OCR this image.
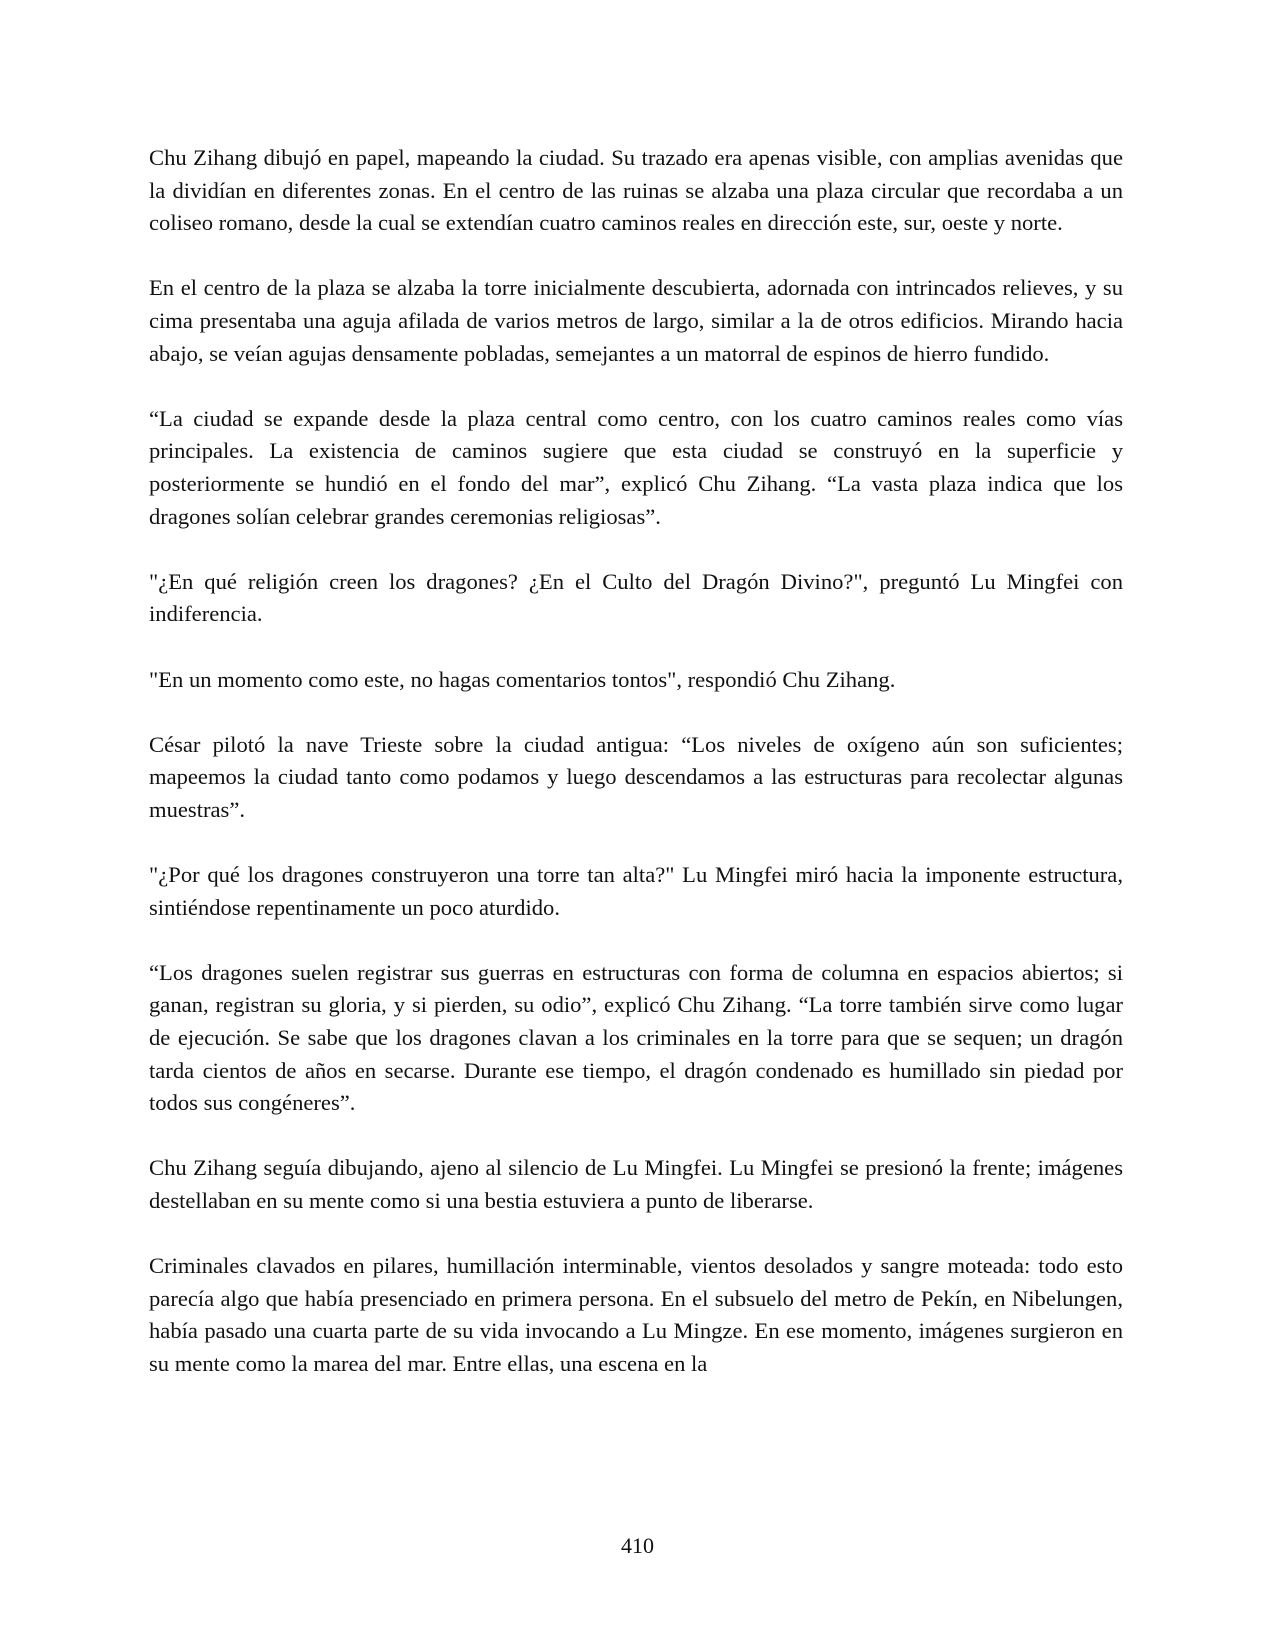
Chu Zihang dibujó en papel, mapeando la ciudad. Su trazado era apenas visible, con amplias avenidas que la dividían en diferentes zonas. En el centro de las ruinas se alzaba una plaza circular que recordaba a un coliseo romano, desde la cual se extendían cuatro caminos reales en dirección este, sur, oeste y norte.

En el centro de la plaza se alzaba la torre inicialmente descubierta, adornada con intrincados relieves, y su cima presentaba una aguja afilada de varios metros de largo, similar a la de otros edificios. Mirando hacia abajo, se veían agujas densamente pobladas, semejantes a un matorral de espinos de hierro fundido.

“La ciudad se expande desde la plaza central como centro, con los cuatro caminos reales como vías principales. La existencia de caminos sugiere que esta ciudad se construyó en la superficie y posteriormente se hundió en el fondo del mar”, explicó Chu Zihang. “La vasta plaza indica que los dragones solían celebrar grandes ceremonias religiosas”.

"¿En qué religión creen los dragones? ¿En el Culto del Dragón Divino?", preguntó Lu Mingfei con indiferencia.

"En un momento como este, no hagas comentarios tontos", respondió Chu Zihang.

César pilotó la nave Trieste sobre la ciudad antigua: “Los niveles de oxígeno aún son suficientes; mapeemos la ciudad tanto como podamos y luego descendamos a las estructuras para recolectar algunas muestras”.

"¿Por qué los dragones construyeron una torre tan alta?" Lu Mingfei miró hacia la imponente estructura, sintiéndose repentinamente un poco aturdido.

“Los dragones suelen registrar sus guerras en estructuras con forma de columna en espacios abiertos; si ganan, registran su gloria, y si pierden, su odio”, explicó Chu Zihang. “La torre también sirve como lugar de ejecución. Se sabe que los dragones clavan a los criminales en la torre para que se sequen; un dragón tarda cientos de años en secarse. Durante ese tiempo, el dragón condenado es humillado sin piedad por todos sus congéneres”.

Chu Zihang seguía dibujando, ajeno al silencio de Lu Mingfei. Lu Mingfei se presionó la frente; imágenes destellaban en su mente como si una bestia estuviera a punto de liberarse.

Criminales clavados en pilares, humillación interminable, vientos desolados y sangre moteada: todo esto parecía algo que había presenciado en primera persona. En el subsuelo del metro de Pekín, en Nibelungen, había pasado una cuarta parte de su vida invocando a Lu Mingze. En ese momento, imágenes surgieron en su mente como la marea del mar. Entre ellas, una escena en la

410
